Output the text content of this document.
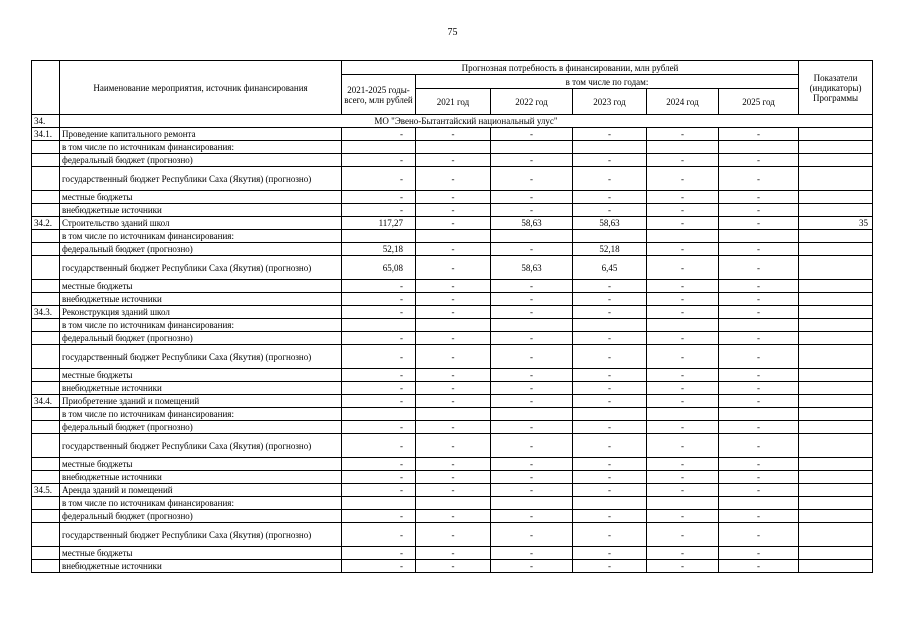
75
	Наименование мероприятия, источник финансирования	Прогнозная потребность в финансировании, млн рублей						Показатели (индикаторы) Программы
		2021-2025 годы- всего, млн рублей	в том числе по годам:					
			2021 год	2022 год	2023 год	2024 год	2025 год	
34.	МО "Эвено-Бытантайский национальный улус"							
34.1.	Проведение капитального ремонта	-	-	-	-	-	-	
	в том числе по источникам финансирования:							
	федеральный бюджет (прогнозно)	-	-	-	-	-	-	
	государственный бюджет Республики Саха (Якутия) (прогнозно)	-	-	-	-	-	-	
	местные бюджеты	-	-	-	-	-	-	
	внебюджетные источники	-	-	-	-	-	-	
34.2.	Строительство зданий школ	117,27	-	58,63	58,63	-	-	35
	в том числе по источникам финансирования:							
	федеральный бюджет (прогнозно)	52,18	-	-	52,18	-	-	
	государственный бюджет Республики Саха (Якутия) (прогнозно)	65,08	-	58,63	6,45	-	-	
	местные бюджеты	-	-	-	-	-	-	
	внебюджетные источники	-	-	-	-	-	-	
34.3.	Реконструкция зданий школ	-	-	-	-	-	-	
	в том числе по источникам финансирования:							
	федеральный бюджет (прогнозно)	-	-	-	-	-	-	
	государственный бюджет Республики Саха (Якутия) (прогнозно)	-	-	-	-	-	-	
	местные бюджеты	-	-	-	-	-	-	
	внебюджетные источники	-	-	-	-	-	-	
34.4.	Приобретение зданий и помещений	-	-	-	-	-	-	
	в том числе по источникам финансирования:							
	федеральный бюджет (прогнозно)	-	-	-	-	-	-	
	государственный бюджет Республики Саха (Якутия) (прогнозно)	-	-	-	-	-	-	
	местные бюджеты	-	-	-	-	-	-	
	внебюджетные источники	-	-	-	-	-	-	
34.5.	Аренда зданий и помещений	-	-	-	-	-	-	
	в том числе по источникам финансирования:							
	федеральный бюджет (прогнозно)	-	-	-	-	-	-	
	государственный бюджет Республики Саха (Якутия) (прогнозно)	-	-	-	-	-	-	
	местные бюджеты	-	-	-	-	-	-	
	внебюджетные источники	-	-	-	-	-	-	
